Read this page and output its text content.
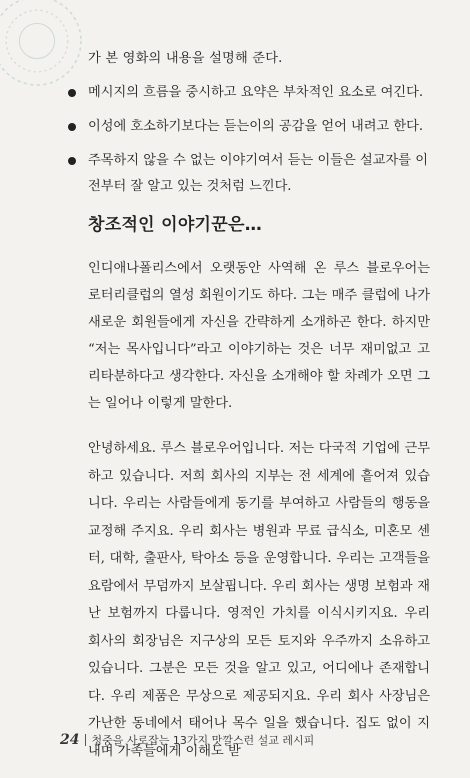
가 본 영화의 내용을 설명해 준다.
메시지의 흐름을 중시하고 요약은 부차적인 요소로 여긴다.
이성에 호소하기보다는 듣는이의 공감을 얻어 내려고 한다.
주목하지 않을 수 없는 이야기여서 듣는 이들은 설교자를 이전부터 잘 알고 있는 것처럼 느낀다.
창조적인 이야기꾼은…

인디애나폴리스에서 오랫동안 사역해 온 루스 블로우어는 로터리클럽의 열성 회원이기도 하다. 그는 매주 클럽에 나가 새로운 회원들에게 자신을 간략하게 소개하곤 한다. 하지만 “저는 목사입니다”라고 이야기하는 것은 너무 재미없고 고리타분하다고 생각한다. 자신을 소개해야 할 차례가 오면 그는 일어나 이렇게 말한다.

안녕하세요. 루스 블로우어입니다. 저는 다국적 기업에 근무하고 있습니다. 저희 회사의 지부는 전 세계에 흩어져 있습니다. 우리는 사람들에게 동기를 부여하고 사람들의 행동을 교정해 주지요. 우리 회사는 병원과 무료 급식소, 미혼모 센터, 대학, 출판사, 탁아소 등을 운영합니다. 우리는 고객들을 요람에서 무덤까지 보살핍니다. 우리 회사는 생명 보험과 재난 보험까지 다룹니다. 영적인 가치를 이식시키지요. 우리 회사의 회장님은 지구상의 모든 토지와 우주까지 소유하고 있습니다. 그분은 모든 것을 알고 있고, 어디에나 존재합니다. 우리 제품은 무상으로 제공되지요. 우리 회사 사장님은 가난한 동네에서 태어나 목수 일을 했습니다. 집도 없이 지내며 가족들에게 이해도 받

24 청중을 사로잡는 13가지 맛깔스런 설교 레시피
